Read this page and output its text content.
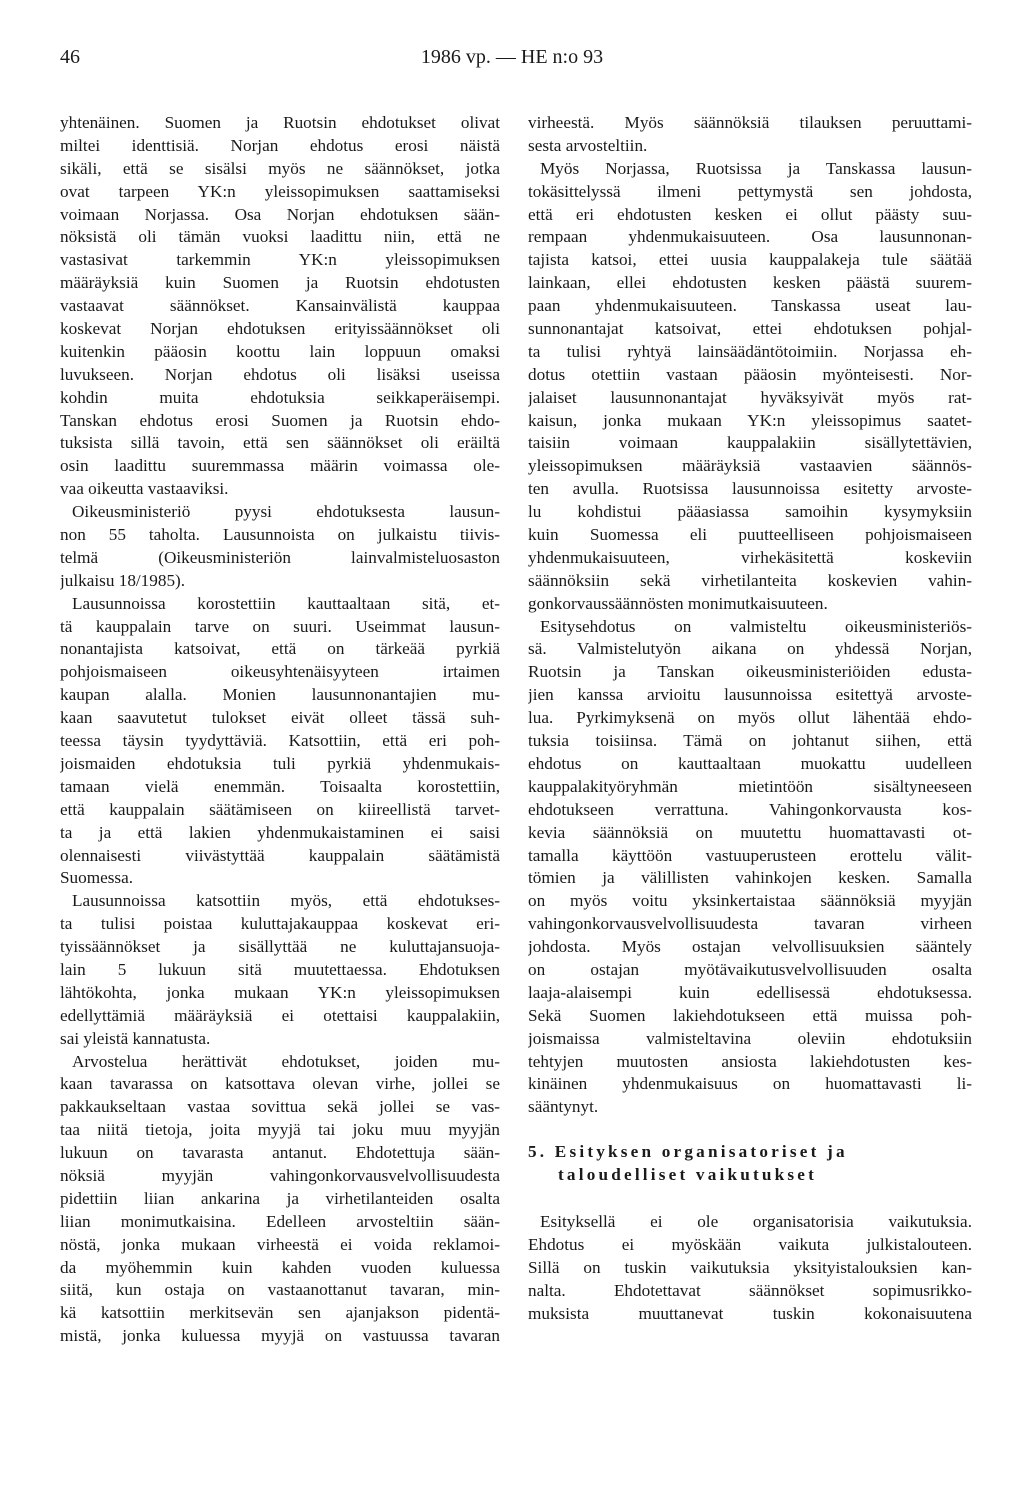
46	1986 vp. — HE n:o 93
yhtenäinen. Suomen ja Ruotsin ehdotukset olivat
miltei identtisiä. Norjan ehdotus erosi näistä
sikäli, että se sisälsi myös ne säännökset, jotka
ovat tarpeen YK:n yleissopimuksen saattamiseksi
voimaan Norjassa. Osa Norjan ehdotuksen sään-
nöksistä oli tämän vuoksi laadittu niin, että ne
vastasivat tarkemmin YK:n yleissopimuksen
määräyksiä kuin Suomen ja Ruotsin ehdotusten
vastaavat säännökset. Kansainvälistä kauppaa
koskevat Norjan ehdotuksen erityissäännökset oli
kuitenkin pääosin koottu lain loppuun omaksi
luvukseen. Norjan ehdotus oli lisäksi useissa
kohdin muita ehdotuksia seikkaperäisempi.
Tanskan ehdotus erosi Suomen ja Ruotsin ehdo-
tuksista sillä tavoin, että sen säännökset oli eräiltä
osin laadittu suuremmassa määrin voimassa ole-
vaa oikeutta vastaaviksi.
Oikeusministeriö pyysi ehdotuksesta lausun-
non 55 taholta. Lausunnoista on julkaistu tiivis-
telmä (Oikeusministeriön lainvalmisteluosaston
julkaisu 18/1985).
Lausunnoissa korostettiin kauttaaltaan sitä, et-
tä kauppalain tarve on suuri. Useimmat lausun-
nonantajista katsoivat, että on tärkeää pyrkiä
pohjoismaiseen oikeusyhtenäisyyteen irtaimen
kaupan alalla. Monien lausunnonantajien mu-
kaan saavutetut tulokset eivät olleet tässä suh-
teessa täysin tyydyttäviä. Katsottiin, että eri poh-
joismaiden ehdotuksia tuli pyrkiä yhdenmukais-
tamaan vielä enemmän. Toisaalta korostettiin,
että kauppalain säätämiseen on kiireellistä tarvet-
ta ja että lakien yhdenmukaistaminen ei saisi
olennaisesti viivästyttää kauppalain säätämistä
Suomessa.
Lausunnoissa katsottiin myös, että ehdotukses-
ta tulisi poistaa kuluttajakauppaa koskevat eri-
tyissäännökset ja sisällyttää ne kuluttajansuoja-
lain 5 lukuun sitä muutettaessa. Ehdotuksen
lähtökohta, jonka mukaan YK:n yleissopimuksen
edellyttämiä määräyksiä ei otettaisi kauppalakiin,
sai yleistä kannatusta.
Arvostelua herättivät ehdotukset, joiden mu-
kaan tavarassa on katsottava olevan virhe, jollei se
pakkaukseltaan vastaa sovittua sekä jollei se vas-
taa niitä tietoja, joita myyjä tai joku muu myyjän
lukuun on tavarasta antanut. Ehdotettuja sään-
nöksiä myyjän vahingonkorvausvelvollisuudesta
pidettiin liian ankarina ja virhetilanteiden osalta
liian monimutkaisina. Edelleen arvosteltiin sään-
nöstä, jonka mukaan virheestä ei voida reklamoi-
da myöhemmin kuin kahden vuoden kuluessa
siitä, kun ostaja on vastaanottanut tavaran, min-
kä katsottiin merkitsevän sen ajanjakson pidentä-
mistä, jonka kuluessa myyjä on vastuussa tavaran
virheestä. Myös säännöksiä tilauksen peruuttami-
sesta arvosteltiin.
Myös Norjassa, Ruotsissa ja Tanskassa lausun-
tokäsittelyssä ilmeni pettymystä sen johdosta,
että eri ehdotusten kesken ei ollut päästy suu-
rempaan yhdenmukaisuuteen. Osa lausunnonan-
tajista katsoi, ettei uusia kauppalakeja tule säätää
lainkaan, ellei ehdotusten kesken päästä suurem-
paan yhdenmukaisuuteen. Tanskassa useat lau-
sunnonantajat katsoivat, ettei ehdotuksen pohjal-
ta tulisi ryhtyä lainsäädäntötoimiin. Norjassa eh-
dotus otettiin vastaan pääosin myönteisesti. Nor-
jalaiset lausunnonantajat hyväksyivät myös rat-
kaisun, jonka mukaan YK:n yleissopimus saatet-
taisiin voimaan kauppalakiin sisällytettävien,
yleissopimuksen määräyksiä vastaavien säännös-
ten avulla. Ruotsissa lausunnoissa esitetty arvoste-
lu kohdistui pääasiassa samoihin kysymyksiin
kuin Suomessa eli puutteelliseen pohjoismaiseen
yhdenmukaisuuteen, virhekäsitettä koskeviin
säännöksiin sekä virhetilanteita koskevien vahin-
gonkorvaussäännösten monimutkaisuuteen.
Esitysehdotus on valmisteltu oikeusministeriös-
sä. Valmistelutyön aikana on yhdessä Norjan,
Ruotsin ja Tanskan oikeusministeriöiden edusta-
jien kanssa arvioitu lausunnoissa esitettyä arvoste-
lua. Pyrkimyksenä on myös ollut lähentää ehdo-
tuksia toisiinsa. Tämä on johtanut siihen, että
ehdotus on kauttaaltaan muokattu uudelleen
kauppalakityöryhmän mietintöön sisältyneeseen
ehdotukseen verrattuna. Vahingonkorvausta kos-
kevia säännöksiä on muutettu huomattavasti ot-
tamalla käyttöön vastuuperusteen erottelu välit-
tömien ja välillisten vahinkojen kesken. Samalla
on myös voitu yksinkertaistaa säännöksiä myyjän
vahingonkorvausvelvollisuudesta tavaran virheen
johdosta. Myös ostajan velvollisuuksien sääntely
on ostajan myötävaikutusvelvollisuuden osalta
laaja-alaisempi kuin edellisessä ehdotuksessa.
Sekä Suomen lakiehdotukseen että muissa poh-
joismaissa valmisteltavina oleviin ehdotuksiin
tehtyjen muutosten ansiosta lakiehdotusten kes-
kinäinen yhdenmukaisuus on huomattavasti li-
sääntynyt.
5. Esityksen organisatoriset ja
taloudelliset vaikutukset
Esityksellä ei ole organisatorisia vaikutuksia.
Ehdotus ei myöskään vaikuta julkistalouteen.
Sillä on tuskin vaikutuksia yksityistalouksien kan-
nalta. Ehdotettavat säännökset sopimusrikko-
muksista muuttanevat tuskin kokonaisuutena
